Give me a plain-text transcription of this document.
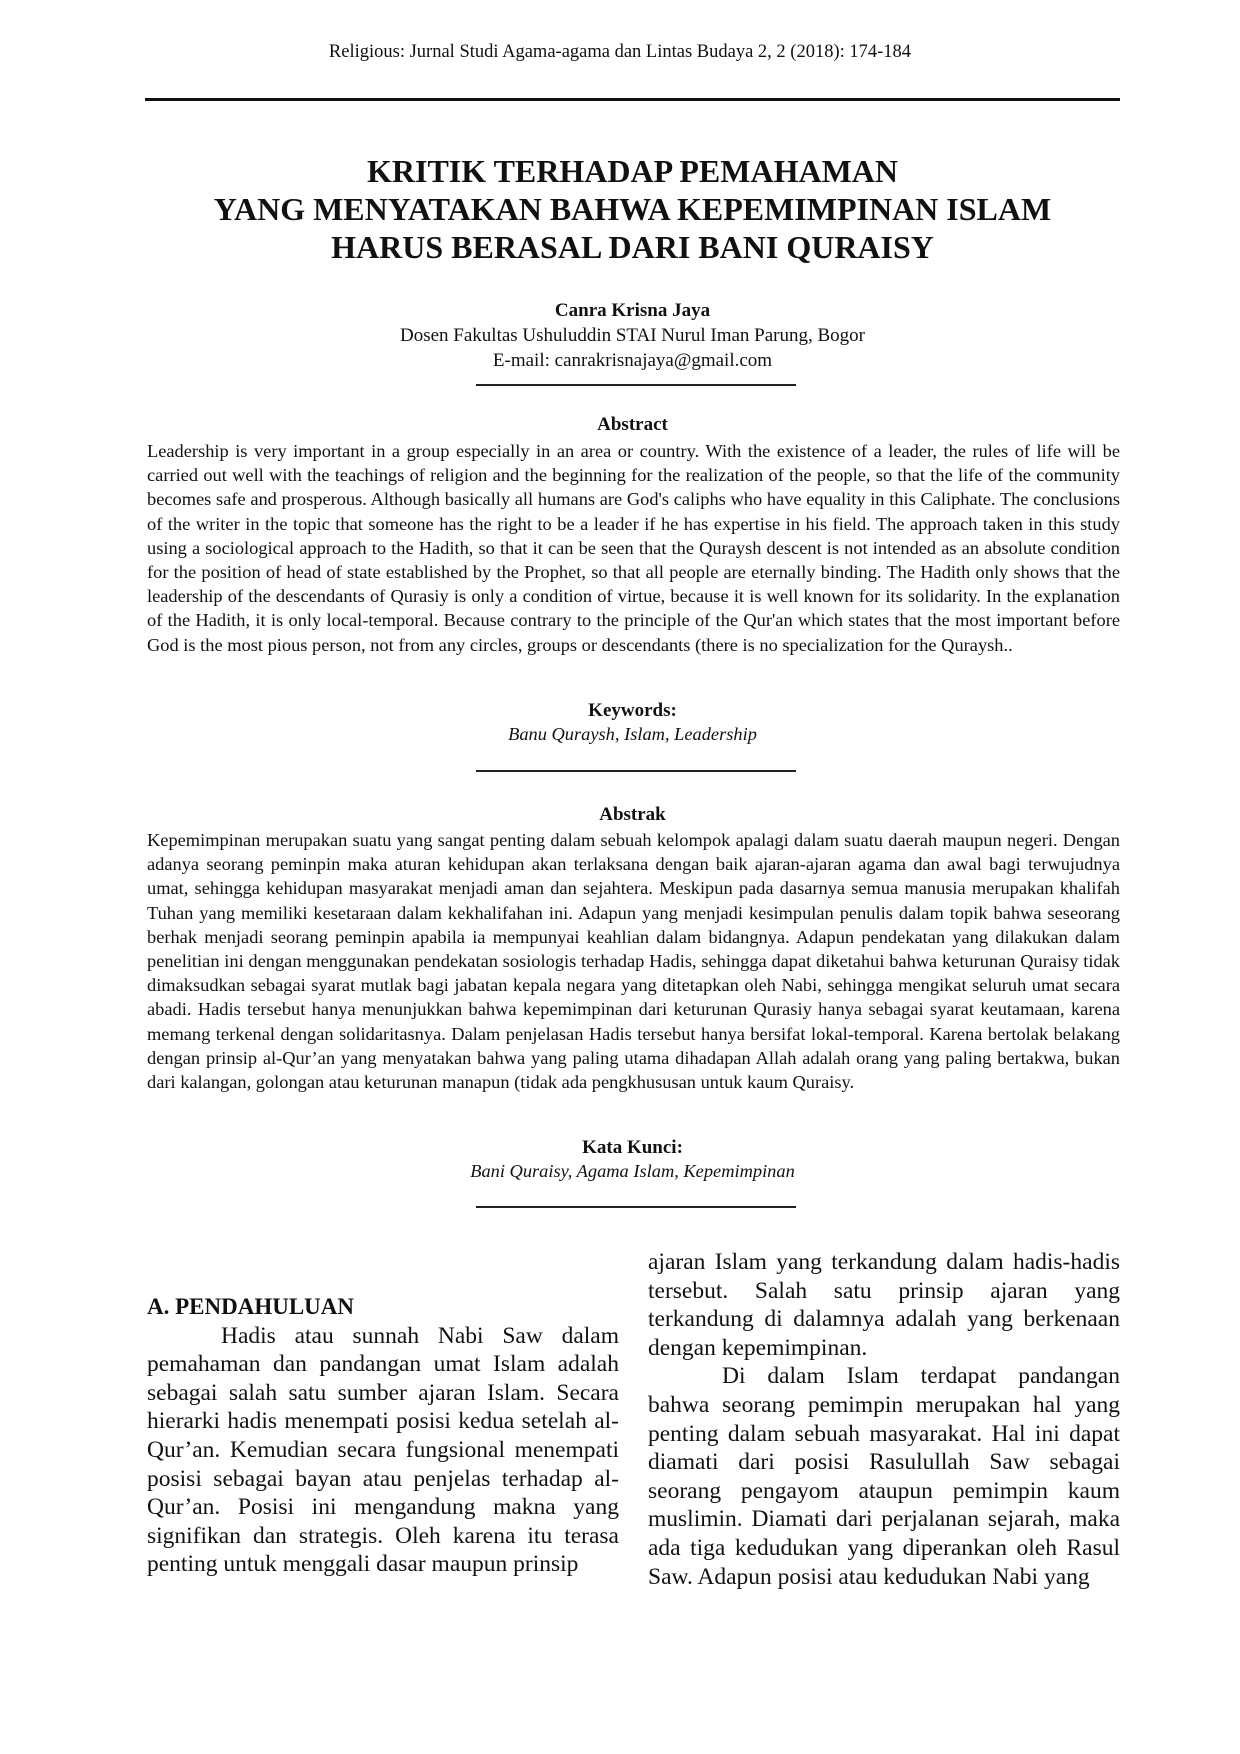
Religious: Jurnal Studi Agama-agama dan Lintas Budaya 2, 2 (2018): 174-184
KRITIK TERHADAP PEMAHAMAN
YANG MENYATAKAN BAHWA KEPEMIMPINAN ISLAM
HARUS BERASAL DARI BANI QURAISY
Canra Krisna Jaya
Dosen Fakultas Ushuluddin STAI Nurul Iman Parung, Bogor
E-mail: canrakrisnajaya@gmail.com
Abstract
Leadership is very important in a group especially in an area or country. With the existence of a leader, the rules of life will be carried out well with the teachings of religion and the beginning for the realization of the people, so that the life of the community becomes safe and prosperous. Although basically all humans are God's caliphs who have equality in this Caliphate. The conclusions of the writer in the topic that someone has the right to be a leader if he has expertise in his field. The approach taken in this study using a sociological approach to the Hadith, so that it can be seen that the Quraysh descent is not intended as an absolute condition for the position of head of state established by the Prophet, so that all people are eternally binding. The Hadith only shows that the leadership of the descendants of Qurasiy is only a condition of virtue, because it is well known for its solidarity. In the explanation of the Hadith, it is only local-temporal. Because contrary to the principle of the Qur'an which states that the most important before God is the most pious person, not from any circles, groups or descendants (there is no specialization for the Quraysh..
Keywords:
Banu Quraysh, Islam, Leadership
Abstrak
Kepemimpinan merupakan suatu yang sangat penting dalam sebuah kelompok apalagi dalam suatu daerah maupun negeri. Dengan adanya seorang peminpin maka aturan kehidupan akan terlaksana dengan baik ajaran-ajaran agama dan awal bagi terwujudnya umat, sehingga kehidupan masyarakat menjadi aman dan sejahtera. Meskipun pada dasarnya semua manusia merupakan khalifah Tuhan yang memiliki kesetaraan dalam kekhalifahan ini. Adapun yang menjadi kesimpulan penulis dalam topik bahwa seseorang berhak menjadi seorang peminpin apabila ia mempunyai keahlian dalam bidangnya. Adapun pendekatan yang dilakukan dalam penelitian ini dengan menggunakan pendekatan sosiologis terhadap Hadis, sehingga dapat diketahui bahwa keturunan Quraisy tidak dimaksudkan sebagai syarat mutlak bagi jabatan kepala negara yang ditetapkan oleh Nabi, sehingga mengikat seluruh umat secara abadi. Hadis tersebut hanya menunjukkan bahwa kepemimpinan dari keturunan Qurasiy hanya sebagai syarat keutamaan, karena memang terkenal dengan solidaritasnya. Dalam penjelasan Hadis tersebut hanya bersifat lokal-temporal. Karena bertolak belakang dengan prinsip al-Qur’an yang menyatakan bahwa yang paling utama dihadapan Allah adalah orang yang paling bertakwa, bukan dari kalangan, golongan atau keturunan manapun (tidak ada pengkhususan untuk kaum Quraisy.
Kata Kunci:
Bani Quraisy, Agama Islam, Kepemimpinan

A. PENDAHULUAN

Hadis atau sunnah Nabi Saw dalam pemahaman dan pandangan umat Islam adalah sebagai salah satu sumber ajaran Islam. Secara hierarki hadis menempati posisi kedua setelah al-Qur’an. Kemudian secara fungsional menempati posisi sebagai bayan atau penjelas terhadap al-Qur’an. Posisi ini mengandung makna yang signifikan dan strategis. Oleh karena itu terasa penting untuk menggali dasar maupun prinsip

ajaran Islam yang terkandung dalam hadis-hadis tersebut. Salah satu prinsip ajaran yang terkandung di dalamnya adalah yang berkenaan dengan kepemimpinan.

Di dalam Islam terdapat pandangan bahwa seorang pemimpin merupakan hal yang penting dalam sebuah masyarakat. Hal ini dapat diamati dari posisi Rasulullah Saw sebagai seorang pengayom ataupun pemimpin kaum muslimin. Diamati dari perjalanan sejarah, maka ada tiga kedudukan yang diperankan oleh Rasul Saw. Adapun posisi atau kedudukan Nabi yang
